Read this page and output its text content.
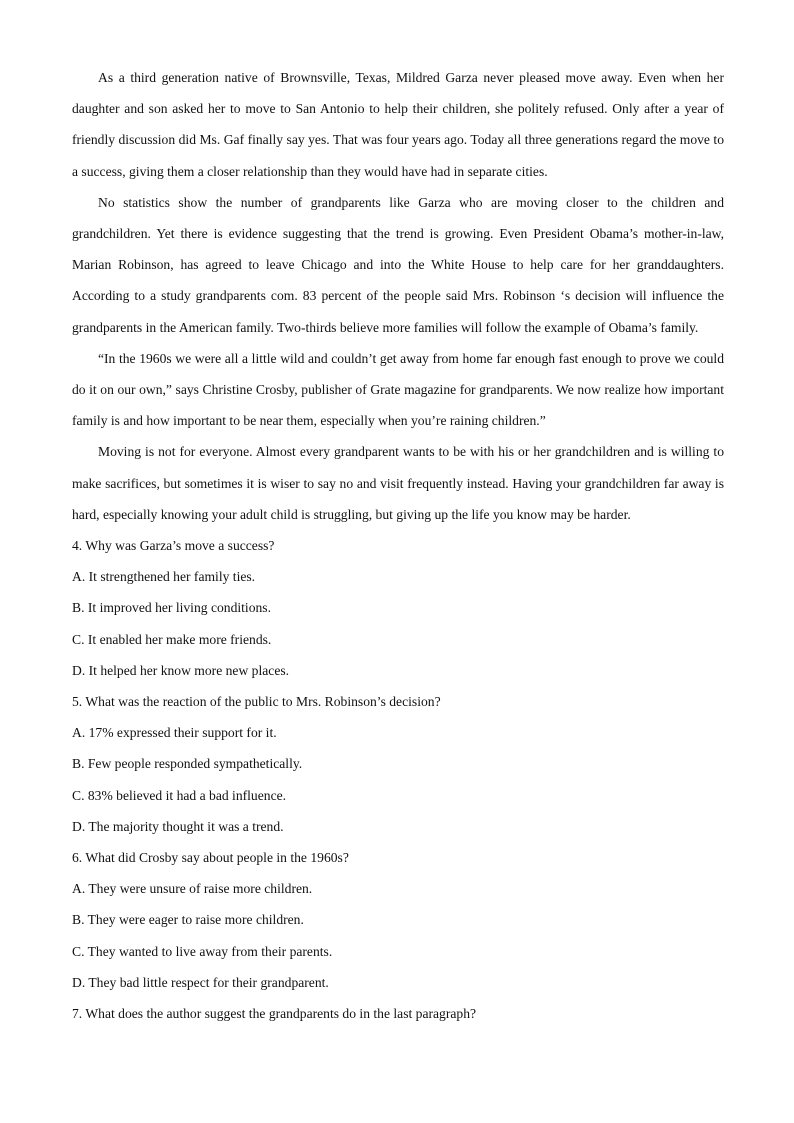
As a third generation native of Brownsville, Texas, Mildred Garza never pleased move away. Even when her daughter and son asked her to move to San Antonio to help their children, she politely refused. Only after a year of friendly discussion did Ms. Gaf finally say yes. That was four years ago. Today all three generations regard the move to a success, giving them a closer relationship than they would have had in separate cities.

No statistics show the number of grandparents like Garza who are moving closer to the children and grandchildren. Yet there is evidence suggesting that the trend is growing. Even President Obama’s mother-in-law, Marian Robinson, has agreed to leave Chicago and into the White House to help care for her granddaughters. According to a study grandparents com. 83 percent of the people said Mrs. Robinson ‘s decision will influence the grandparents in the American family. Two-thirds believe more families will follow the example of Obama’s family.

“In the 1960s we were all a little wild and couldn’t get away from home far enough fast enough to prove we could do it on our own,” says Christine Crosby, publisher of Grate magazine for grandparents. We now realize how important family is and how important to be near them, especially when you’re raining children.”

Moving is not for everyone. Almost every grandparent wants to be with his or her grandchildren and is willing to make sacrifices, but sometimes it is wiser to say no and visit frequently instead. Having your grandchildren far away is hard, especially knowing your adult child is struggling, but giving up the life you know may be harder.

4. Why was Garza’s move a success?

A. It strengthened her family ties.

B. It improved her living conditions.

C. It enabled her make more friends.

D. It helped her know more new places.

5. What was the reaction of the public to Mrs. Robinson’s decision?

A. 17% expressed their support for it.

B. Few people responded sympathetically.

C. 83% believed it had a bad influence.

D. The majority thought it was a trend.

6. What did Crosby say about people in the 1960s?

A. They were unsure of raise more children.

B. They were eager to raise more children.

C. They wanted to live away from their parents.

D. They bad little respect for their grandparent.

7. What does the author suggest the grandparents do in the last paragraph?
